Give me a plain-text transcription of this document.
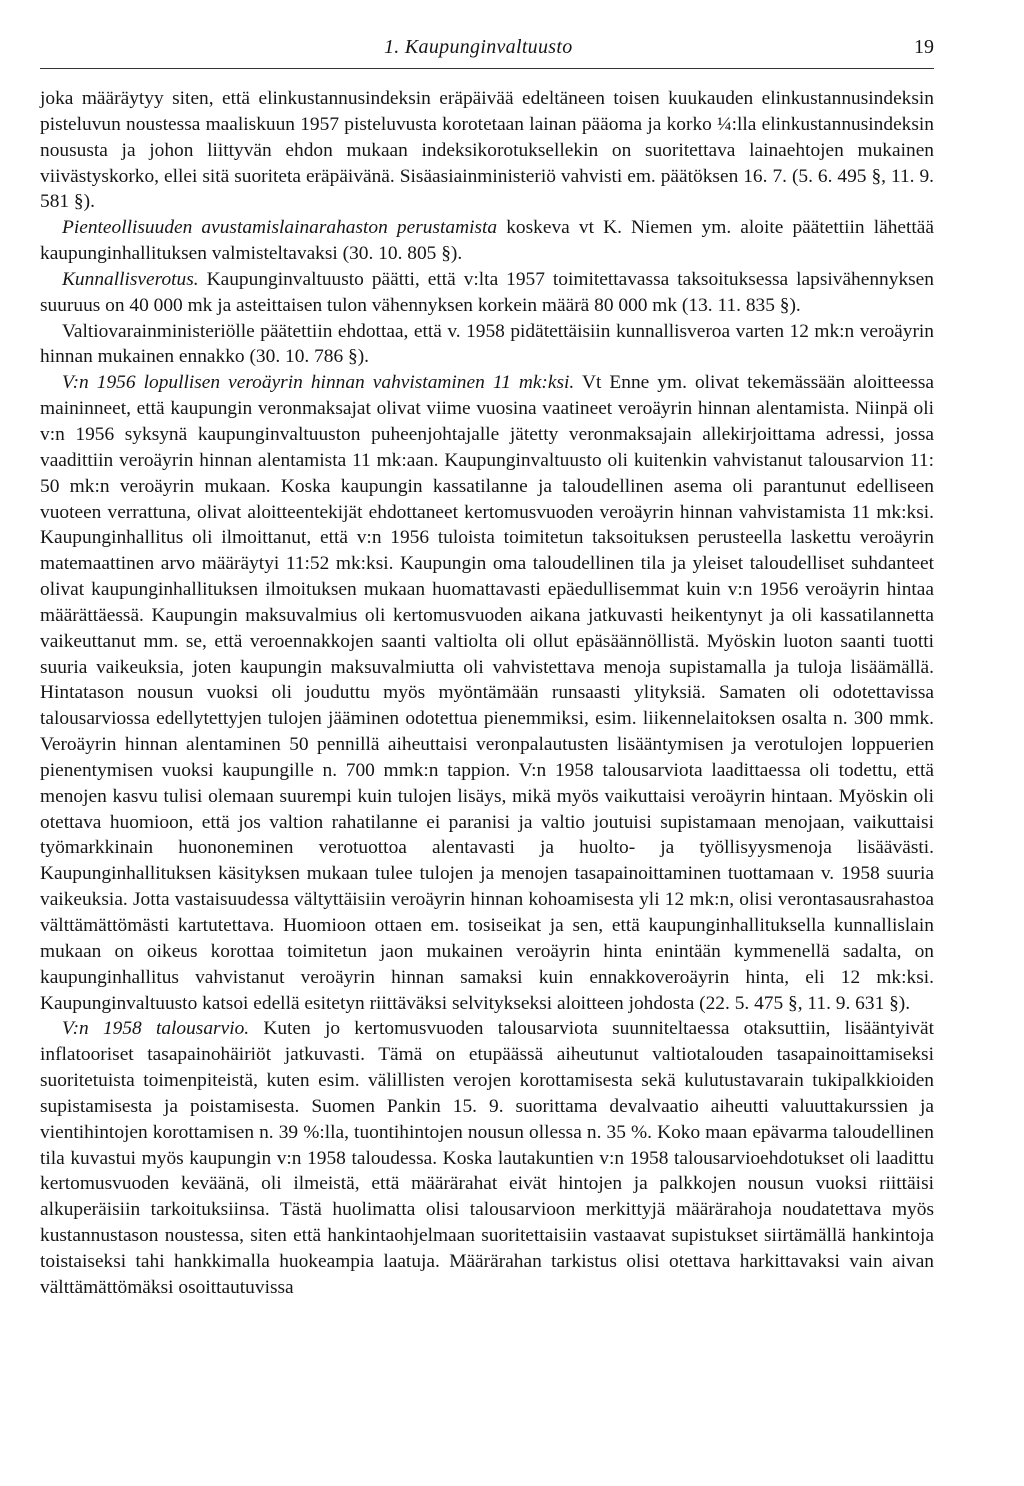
1. Kaupunginvaltuusto	19

joka määräytyy siten, että elinkustannusindeksin eräpäivää edeltäneen toisen kuukauden elinkustannusindeksin pisteluvun noustessa maaliskuun 1957 pisteluvusta korotetaan lainan pääoma ja korko ¼:lla elinkustannusindeksin noususta ja johon liittyvän ehdon mukaan indeksikorotuksellekin on suoritettava lainaehtojen mukainen viivästyskorko, ellei sitä suoriteta eräpäivänä. Sisäasiainministeriö vahvisti em. päätöksen 16. 7. (5. 6. 495 §, 11. 9. 581 §).

Pienteollisuuden avustamislainarahaston perustamista koskeva vt K. Niemen ym. aloite päätettiin lähettää kaupunginhallituksen valmisteltavaksi (30. 10. 805 §).

Kunnallisverotus. Kaupunginvaltuusto päätti, että v:lta 1957 toimitettavassa taksoituksessa lapsivähennyksen suuruus on 40 000 mk ja asteittaisen tulon vähennyksen korkein määrä 80 000 mk (13. 11. 835 §).

Valtiovarainministeriölle päätettiin ehdottaa, että v. 1958 pidätettäisiin kunnallisveroa varten 12 mk:n veroäyrin hinnan mukainen ennakko (30. 10. 786 §).

V:n 1956 lopullisen veroäyrin hinnan vahvistaminen 11 mk:ksi. Vt Enne ym. olivat tekemässään aloitteessa maininneet, että kaupungin veronmaksajat olivat viime vuosina vaatineet veroäyrin hinnan alentamista. Niinpä oli v:n 1956 syksynä kaupunginvaltuuston puheenjohtajalle jätetty veronmaksajain allekirjoittama adressi, jossa vaadittiin veroäyrin hinnan alentamista 11 mk:aan. Kaupunginvaltuusto oli kuitenkin vahvistanut talousarvion 11: 50 mk:n veroäyrin mukaan. Koska kaupungin kassatilanne ja taloudellinen asema oli parantunut edelliseen vuoteen verrattuna, olivat aloitteentekijät ehdottaneet kertomusvuoden veroäyrin hinnan vahvistamista 11 mk:ksi. Kaupunginhallitus oli ilmoittanut, että v:n 1956 tuloista toimitetun taksoituksen perusteella laskettu veroäyrin matemaattinen arvo määräytyi 11:52 mk:ksi. Kaupungin oma taloudellinen tila ja yleiset taloudelliset suhdanteet olivat kaupunginhallituksen ilmoituksen mukaan huomattavasti epäedullisemmat kuin v:n 1956 veroäyrin hintaa määrättäessä. Kaupungin maksuvalmius oli kertomusvuoden aikana jatkuvasti heikentynyt ja oli kassatilannetta vaikeuttanut mm. se, että veroennakkojen saanti valtiolta oli ollut epäsäännöllistä. Myöskin luoton saanti tuotti suuria vaikeuksia, joten kaupungin maksuvalmiutta oli vahvistettava menoja supistamalla ja tuloja lisäämällä. Hintatason nousun vuoksi oli jouduttu myös myöntämään runsaasti ylityksiä. Samaten oli odotettavissa talousarviossa edellytettyjen tulojen jääminen odotettua pienemmiksi, esim. liikennelaitoksen osalta n. 300 mmk. Veroäyrin hinnan alentaminen 50 pennillä aiheuttaisi veronpalautusten lisääntymisen ja verotulojen loppuerien pienentymisen vuoksi kaupungille n. 700 mmk:n tappion. V:n 1958 talousarviota laadittaessa oli todettu, että menojen kasvu tulisi olemaan suurempi kuin tulojen lisäys, mikä myös vaikuttaisi veroäyrin hintaan. Myöskin oli otettava huomioon, että jos valtion rahatilanne ei paranisi ja valtio joutuisi supistamaan menojaan, vaikuttaisi työmarkkinain huononeminen verotuottoa alentavasti ja huolto- ja työllisyysmenoja lisäävästi. Kaupunginhallituksen käsityksen mukaan tulee tulojen ja menojen tasapainoittaminen tuottamaan v. 1958 suuria vaikeuksia. Jotta vastaisuudessa vältyttäisiin veroäyrin hinnan kohoamisesta yli 12 mk:n, olisi verontasausrahastoa välttämättömästi kartutettava. Huomioon ottaen em. tosiseikat ja sen, että kaupunginhallituksella kunnallislain mukaan on oikeus korottaa toimitetun jaon mukainen veroäyrin hinta enintään kymmenellä sadalta, on kaupunginhallitus vahvistanut veroäyrin hinnan samaksi kuin ennakkoveroäyrin hinta, eli 12 mk:ksi. Kaupunginvaltuusto katsoi edellä esitetyn riittäväksi selvitykseksi aloitteen johdosta (22. 5. 475 §, 11. 9. 631 §).

V:n 1958 talousarvio. Kuten jo kertomusvuoden talousarviota suunniteltaessa otaksuttiin, lisääntyivät inflatooriset tasapainohäiriöt jatkuvasti. Tämä on etupäässä aiheutunut valtiotalouden tasapainoittamiseksi suoritetuista toimenpiteistä, kuten esim. välillisten verojen korottamisesta sekä kulutustavarain tukipalkkioiden supistamisesta ja poistamisesta. Suomen Pankin 15. 9. suorittama devalvaatio aiheutti valuuttakurssien ja vientihintojen korottamisen n. 39 %:lla, tuontihintojen nousun ollessa n. 35 %. Koko maan epävarma taloudellinen tila kuvastui myös kaupungin v:n 1958 taloudessa. Koska lautakuntien v:n 1958 talousarvioehdotukset oli laadittu kertomusvuoden keväänä, oli ilmeistä, että määrärahat eivät hintojen ja palkkojen nousun vuoksi riittäisi alkuperäisiin tarkoituksiinsa. Tästä huolimatta olisi talousarvioon merkittyjä määrärahoja noudatettava myös kustannustason noustessa, siten että hankintaohjelmaan suoritettaisiin vastaavat supistukset siirtämällä hankintoja toistaiseksi tahi hankkimalla huokeampia laatuja. Määrärahan tarkistus olisi otettava harkittavaksi vain aivan välttämättömäksi osoittautuvissa
